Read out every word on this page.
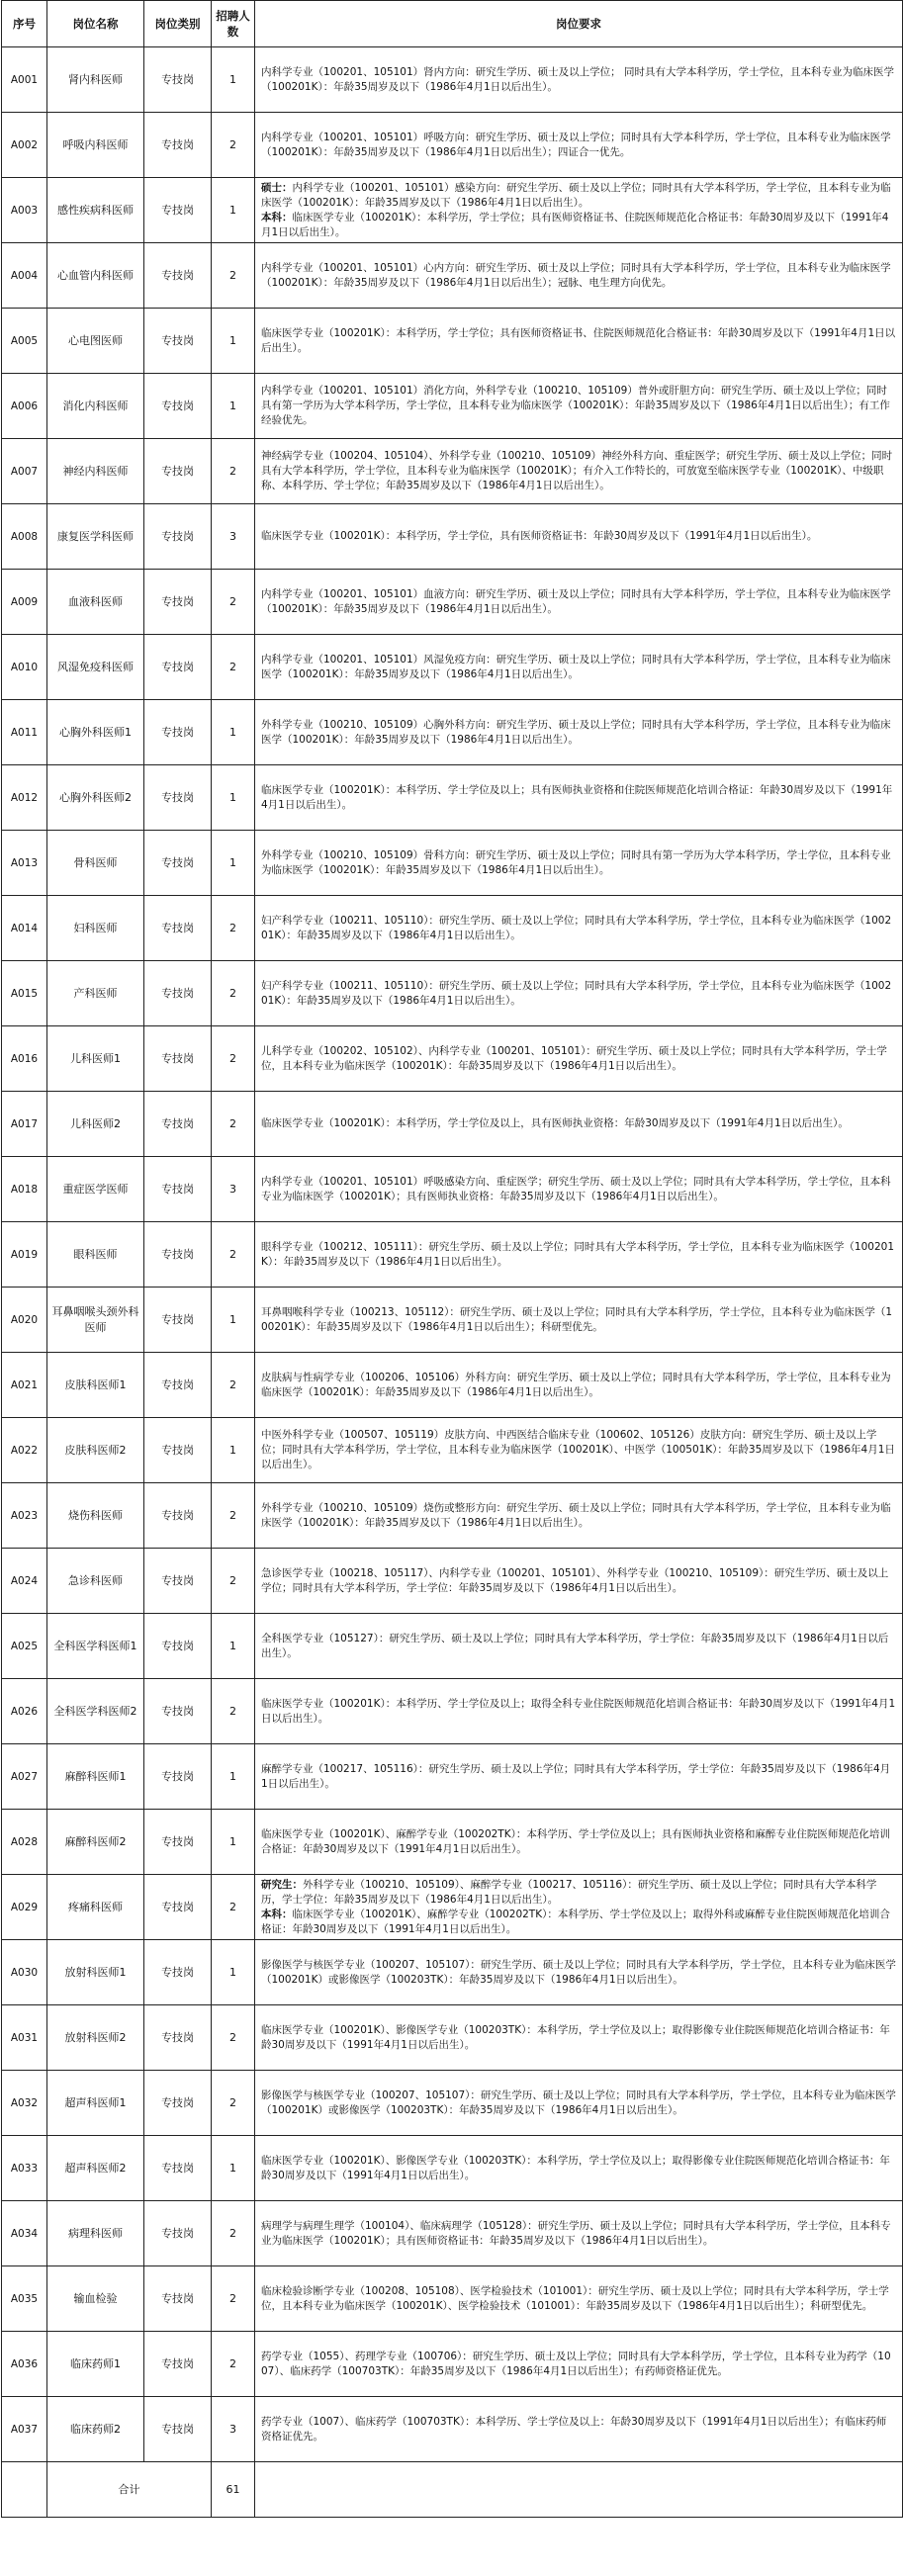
序号	岗位名称	岗位类别	招聘人数	岗位要求
A001	肾内科医师	专技岗	1	内科学专业（100201、105101）肾内方向：研究生学历、硕士及以上学位； 同时具有大学本科学历，学士学位，且本科专业为临床医学（100201K）：年龄35周岁及以下（1986年4月1日以后出生）。
A002	呼吸内科医师	专技岗	2	内科学专业（100201、105101）呼吸方向：研究生学历、硕士及以上学位；同时具有大学本科学历，学士学位，且本科专业为临床医学（100201K）：年龄35周岁及以下（1986年4月1日以后出生）；四证合一优先。
A003	感性疾病科医师	专技岗	1	硕士：内科学专业（100201、105101）感染方向：研究生学历、硕士及以上学位；同时具有大学本科学历，学士学位，且本科专业为临床医学（100201K）：年龄35周岁及以下（1986年4月1日以后出生）。
本科：临床医学专业（100201K）：本科学历，学士学位；具有医师资格证书、住院医师规范化合格证书：年龄30周岁及以下（1991年4月1日以后出生）。

A004	心血管内科医师	专技岗	2	内科学专业（100201、105101）心内方向：研究生学历、硕士及以上学位；同时具有大学本科学历，学士学位，且本科专业为临床医学（100201K）：年龄35周岁及以下（1986年4月1日以后出生）；冠脉、电生理方向优先。
A005	心电图医师	专技岗	1	临床医学专业（100201K）：本科学历，学士学位；具有医师资格证书、住院医师规范化合格证书：年龄30周岁及以下（1991年4月1日以后出生）。
A006	消化内科医师	专技岗	1	内科学专业（100201、105101）消化方向，外科学专业（100210、105109）普外或肝胆方向：研究生学历、硕士及以上学位；同时具有第一学历为大学本科学历，学士学位，且本科专业为临床医学（100201K）：年龄35周岁及以下（1986年4月1日以后出生）；有工作经验优先。
A007	神经内科医师	专技岗	2	神经病学专业（100204、105104）、外科学专业（100210、105109）神经外科方向、重症医学；研究生学历、硕士及以上学位；同时具有大学本科学历，学士学位，且本科专业为临床医学（100201K）；有介入工作特长的，可放宽至临床医学专业（100201K）、中级职称、本科学历、学士学位；年龄35周岁及以下（1986年4月1日以后出生）。
A008	康复医学科医师	专技岗	3	临床医学专业（100201K）：本科学历，学士学位，具有医师资格证书：年龄30周岁及以下（1991年4月1日以后出生）。
A009	血液科医师	专技岗	2	内科学专业（100201、105101）血液方向：研究生学历、硕士及以上学位；同时具有大学本科学历，学士学位，且本科专业为临床医学（100201K）：年龄35周岁及以下（1986年4月1日以后出生）。
A010	风湿免疫科医师	专技岗	2	内科学专业（100201、105101）风湿免疫方向：研究生学历、硕士及以上学位；同时具有大学本科学历，学士学位，且本科专业为临床医学（100201K）：年龄35周岁及以下（1986年4月1日以后出生）。
A011	心胸外科医师1	专技岗	1	外科学专业（100210、105109）心胸外科方向：研究生学历、硕士及以上学位；同时具有大学本科学历，学士学位，且本科专业为临床医学（100201K）：年龄35周岁及以下（1986年4月1日以后出生）。
A012	心胸外科医师2	专技岗	1	临床医学专业（100201K）：本科学历、学士学位及以上；具有医师执业资格和住院医师规范化培训合格证：年龄30周岁及以下（1991年4月1日以后出生）。
A013	骨科医师	专技岗	1	外科学专业（100210、105109）骨科方向：研究生学历、硕士及以上学位；同时具有第一学历为大学本科学历，学士学位，且本科专业为临床医学（100201K）：年龄35周岁及以下（1986年4月1日以后出生）。
A014	妇科医师	专技岗	2	妇产科学专业（100211、105110）：研究生学历、硕士及以上学位；同时具有大学本科学历，学士学位，且本科专业为临床医学（100201K）：年龄35周岁及以下（1986年4月1日以后出生）。
A015	产科医师	专技岗	2	妇产科学专业（100211、105110）：研究生学历、硕士及以上学位；同时具有大学本科学历，学士学位，且本科专业为临床医学（100201K）：年龄35周岁及以下（1986年4月1日以后出生）。
A016	儿科医师1	专技岗	2	儿科学专业（100202、105102）、内科学专业（100201、105101）：研究生学历、硕士及以上学位；同时具有大学本科学历，学士学位，且本科专业为临床医学（100201K）：年龄35周岁及以下（1986年4月1日以后出生）。
A017	儿科医师2	专技岗	2	临床医学专业（100201K）：本科学历，学士学位及以上，具有医师执业资格：年龄30周岁及以下（1991年4月1日以后出生）。
A018	重症医学医师	专技岗	3	内科学专业（100201、105101）呼吸感染方向、重症医学；研究生学历、硕士及以上学位；同时具有大学本科学历，学士学位，且本科专业为临床医学（100201K）；具有医师执业资格：年龄35周岁及以下（1986年4月1日以后出生）。
A019	眼科医师	专技岗	2	眼科学专业（100212、105111）：研究生学历、硕士及以上学位；同时具有大学本科学历，学士学位，且本科专业为临床医学（100201K）：年龄35周岁及以下（1986年4月1日以后出生）。
A020	耳鼻咽喉头颈外科医师	专技岗	1	耳鼻咽喉科学专业（100213、105112）：研究生学历、硕士及以上学位；同时具有大学本科学历，学士学位，且本科专业为临床医学（100201K）：年龄35周岁及以下（1986年4月1日以后出生）；科研型优先。
A021	皮肤科医师1	专技岗	2	皮肤病与性病学专业（100206、105106）外科方向：研究生学历、硕士及以上学位；同时具有大学本科学历，学士学位，且本科专业为临床医学（100201K）：年龄35周岁及以下（1986年4月1日以后出生）。
A022	皮肤科医师2	专技岗	1	中医外科学专业（100507、105119）皮肤方向、中西医结合临床专业（100602、105126）皮肤方向：研究生学历、硕士及以上学位；同时具有大学本科学历，学士学位，且本科专业为临床医学（100201K）、中医学（100501K）：年龄35周岁及以下（1986年4月1日以后出生）。
A023	烧伤科医师	专技岗	2	外科学专业（100210、105109）烧伤或整形方向：研究生学历、硕士及以上学位；同时具有大学本科学历，学士学位，且本科专业为临床医学（100201K）：年龄35周岁及以下（1986年4月1日以后出生）。
A024	急诊科医师	专技岗	2	急诊医学专业（100218、105117）、内科学专业（100201、105101）、外科学专业（100210、105109）：研究生学历、硕士及以上学位；同时具有大学本科学历，学士学位：年龄35周岁及以下（1986年4月1日以后出生）。
A025	全科医学科医师1	专技岗	1	全科医学专业（105127）：研究生学历、硕士及以上学位；同时具有大学本科学历，学士学位：年龄35周岁及以下（1986年4月1日以后出生）。
A026	全科医学科医师2	专技岗	2	临床医学专业（100201K）：本科学历、学士学位及以上；取得全科专业住院医师规范化培训合格证书：年龄30周岁及以下（1991年4月1日以后出生）。
A027	麻醉科医师1	专技岗	1	麻醉学专业（100217、105116）：研究生学历、硕士及以上学位；同时具有大学本科学历，学士学位：年龄35周岁及以下（1986年4月1日以后出生）。
A028	麻醉科医师2	专技岗	1	临床医学专业（100201K）、麻醉学专业（100202TK）：本科学历、学士学位及以上；具有医师执业资格和麻醉专业住院医师规范化培训合格证：年龄30周岁及以下（1991年4月1日以后出生）。
A029	疼痛科医师	专技岗	2	研究生：外科学专业（100210、105109）、麻醉学专业（100217、105116）：研究生学历、硕士及以上学位；同时具有大学本科学历，学士学位：年龄35周岁及以下（1986年4月1日以后出生）。
本科：临床医学专业（100201K）、麻醉学专业（100202TK）：本科学历、学士学位及以上；取得外科或麻醉专业住院医师规范化培训合格证：年龄30周岁及以下（1991年4月1日以后出生）。

A030	放射科医师1	专技岗	1	影像医学与核医学专业（100207、105107）：研究生学历、硕士及以上学位；同时具有大学本科学历，学士学位，且本科专业为临床医学（100201K）或影像医学（100203TK）：年龄35周岁及以下（1986年4月1日以后出生）。
A031	放射科医师2	专技岗	2	临床医学专业（100201K）、影像医学专业（100203TK）：本科学历，学士学位及以上；取得影像专业住院医师规范化培训合格证书：年龄30周岁及以下（1991年4月1日以后出生）。
A032	超声科医师1	专技岗	2	影像医学与核医学专业（100207、105107）：研究生学历、硕士及以上学位；同时具有大学本科学历，学士学位，且本科专业为临床医学（100201K）或影像医学（100203TK）：年龄35周岁及以下（1986年4月1日以后出生）。
A033	超声科医师2	专技岗	1	临床医学专业（100201K）、影像医学专业（100203TK）：本科学历，学士学位及以上；取得影像专业住院医师规范化培训合格证书：年龄30周岁及以下（1991年4月1日以后出生）。
A034	病理科医师	专技岗	2	病理学与病理生理学（100104）、临床病理学（105128）：研究生学历、硕士及以上学位；同时具有大学本科学历，学士学位，且本科专业为临床医学（100201K）；具有医师资格证书：年龄35周岁及以下（1986年4月1日以后出生）。
A035	输血检验	专技岗	2	临床检验诊断学专业（100208、105108）、医学检验技术（101001）：研究生学历、硕士及以上学位；同时具有大学本科学历，学士学位，且本科专业为临床医学（100201K）、医学检验技术（101001）：年龄35周岁及以下（1986年4月1日以后出生）；科研型优先。
A036	临床药师1	专技岗	2	药学专业（1055）、药理学专业（100706）：研究生学历、硕士及以上学位；同时具有大学本科学历，学士学位，且本科专业为药学（1007）、临床药学（100703TK）：年龄35周岁及以下（1986年4月1日以后出生）；有药师资格证优先。
A037	临床药师2	专技岗	3	药学专业（1007）、临床药学（100703TK）：本科学历、学士学位及以上：年龄30周岁及以下（1991年4月1日以后出生）；有临床药师资格证优先。
	合计		61	
